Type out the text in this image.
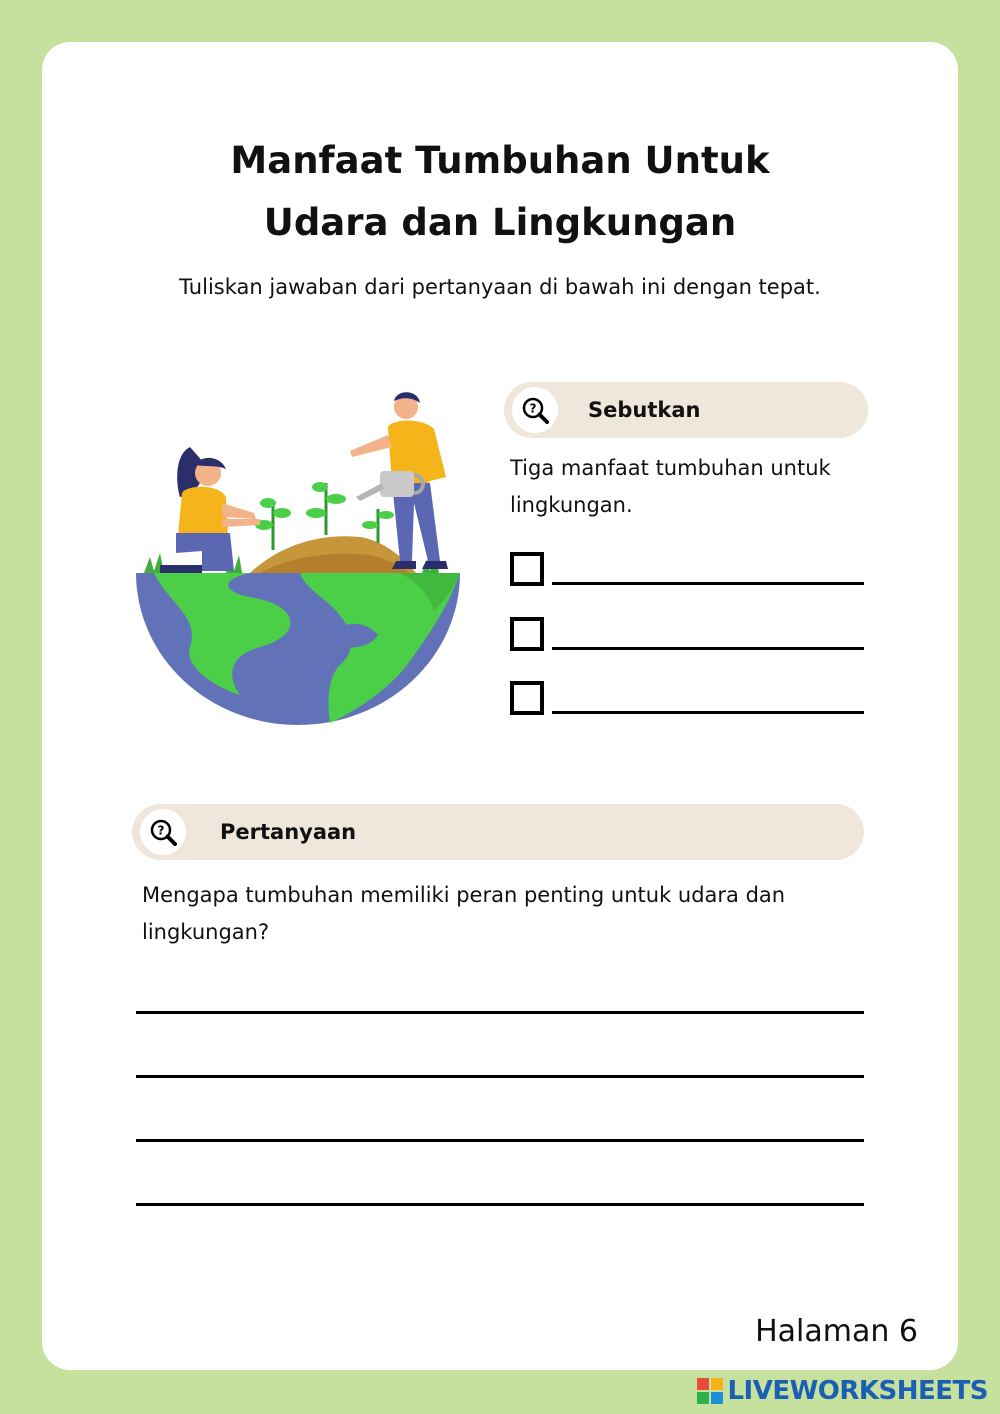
Manfaat Tumbuhan Untuk
Udara dan Lingkungan
Tuliskan jawaban dari pertanyaan di bawah ini dengan tepat.
? Sebutkan
Tiga manfaat tumbuhan untuk lingkungan.
?	Pertanyaan
Mengapa tumbuhan memiliki peran penting untuk udara dan lingkungan?
Halaman 6
LIVEWORKSHEETS
